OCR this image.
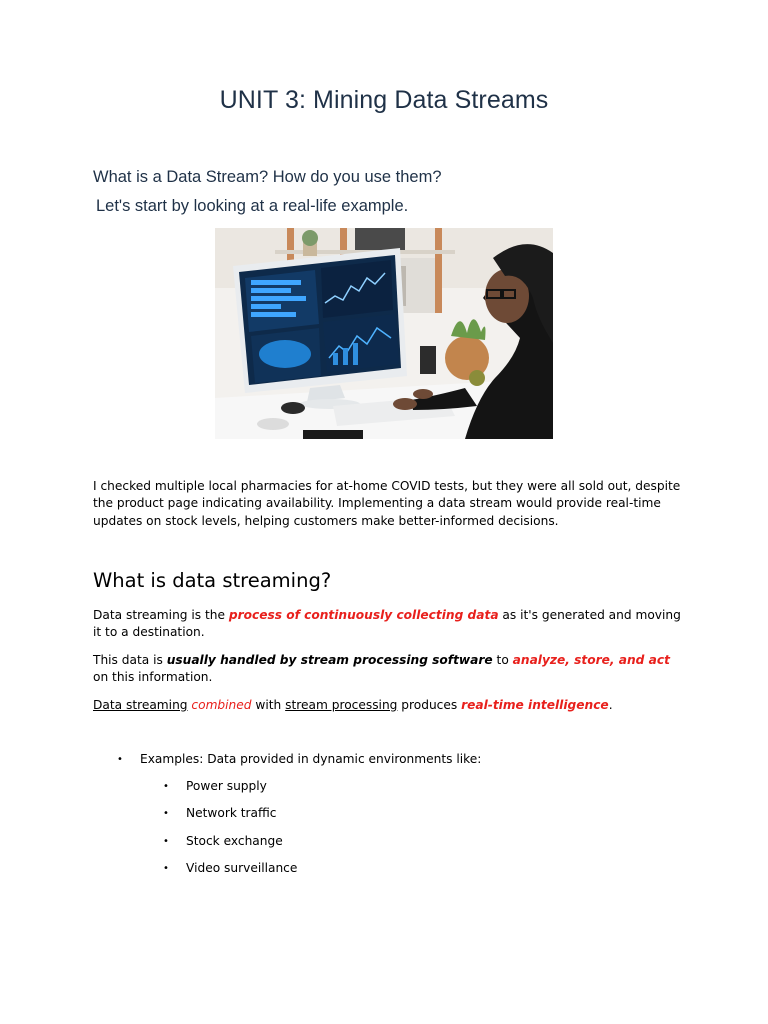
UNIT 3: Mining Data Streams
What is a Data Stream? How do you use them?
Let's start by looking at a real-life example.
I checked multiple local pharmacies for at-home COVID tests, but they were all sold out, despite the product page indicating availability. Implementing a data stream would provide real-time updates on stock levels, helping customers make better-informed decisions.
What is data streaming?
Data streaming is the process of continuously collecting data as it's generated and moving it to a destination.
This data is usually handled by stream processing software to analyze, store, and act on this information.
Data streaming combined with stream processing produces real-time intelligence.
•	Examples: Data provided in dynamic environments like:
•	Power supply
•	Network traffic
•	Stock exchange
•	Video surveillance
